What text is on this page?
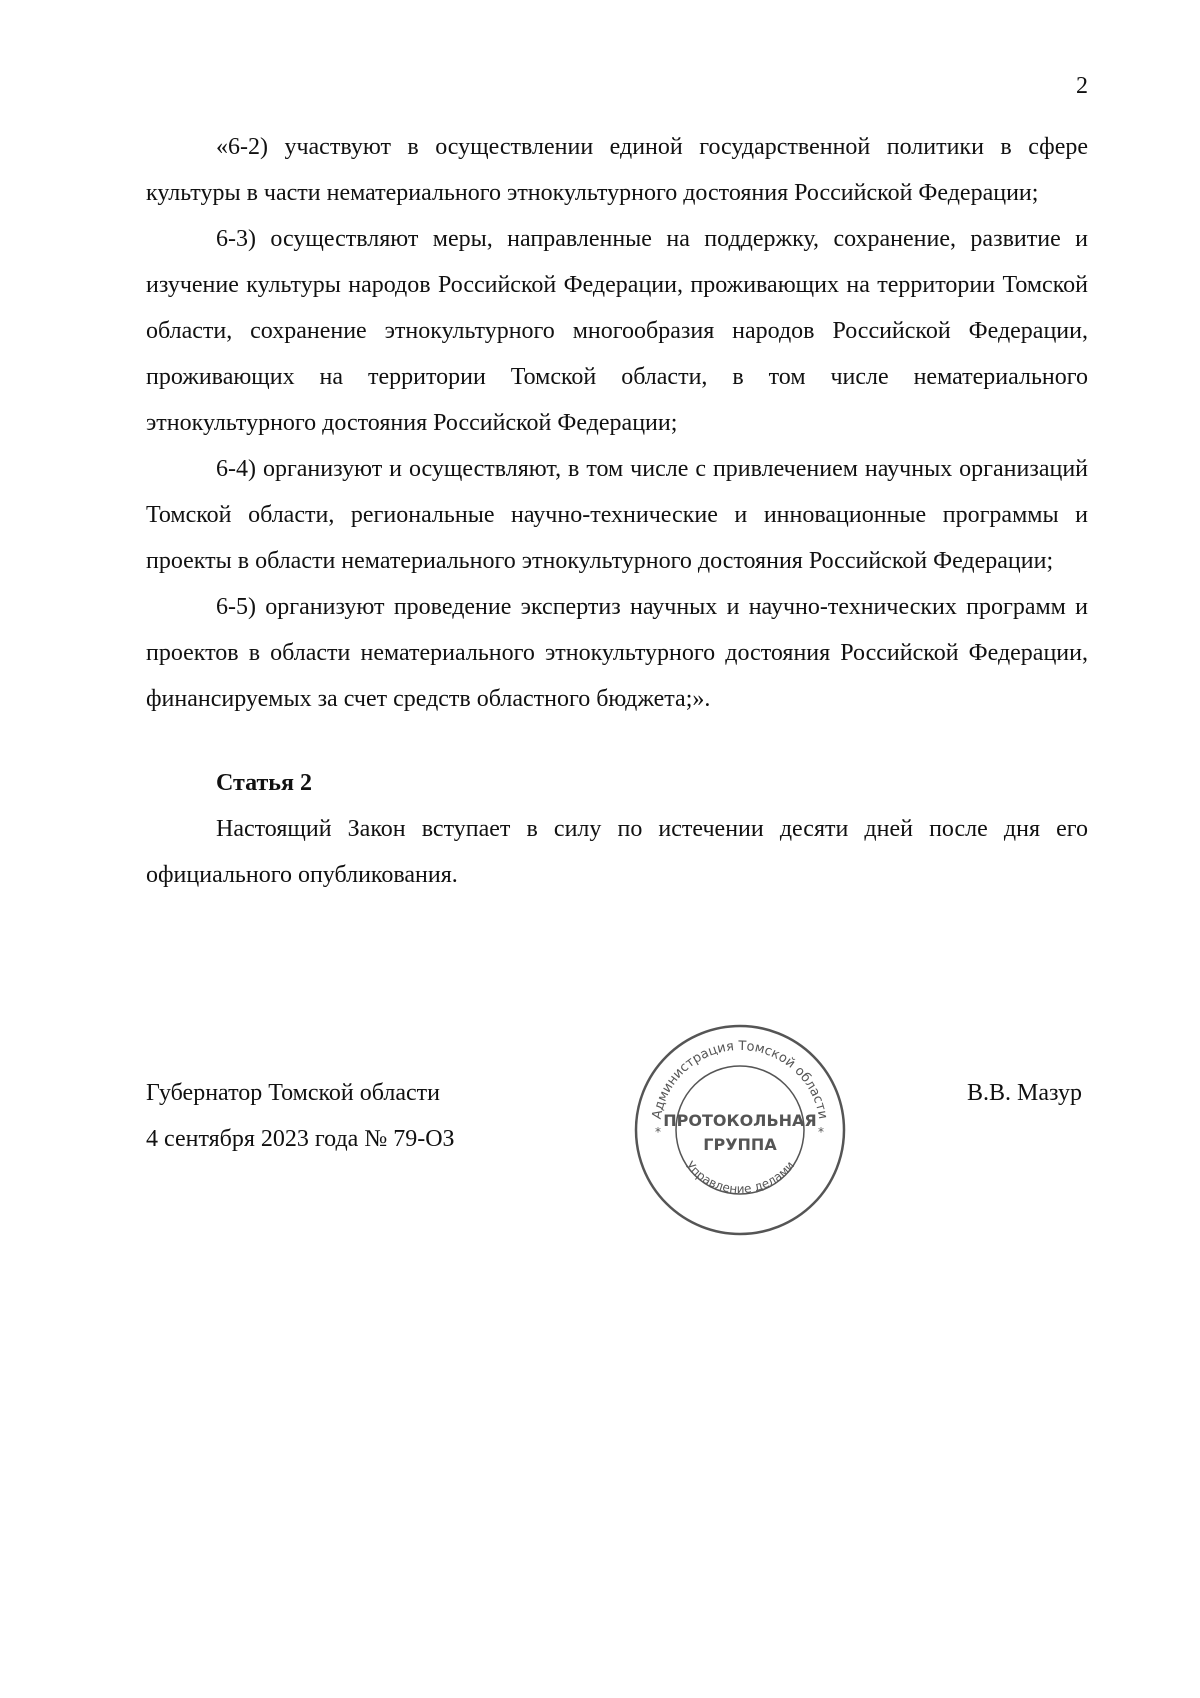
2

«6-2) участвуют в осуществлении единой государственной политики в сфере культуры в части нематериального этнокультурного достояния Российской Федерации;

6-3) осуществляют меры, направленные на поддержку, сохранение, развитие и изучение культуры народов Российской Федерации, проживающих на территории Томской области, сохранение этнокультурного многообразия народов Российской Федерации, проживающих на территории Томской области, в том числе нематериального этнокультурного достояния Российской Федерации;

6-4) организуют и осуществляют, в том числе с привлечением научных организаций Томской области, региональные научно-технические и инновационные программы и проекты в области нематериального этнокультурного достояния Российской Федерации;

6-5) организуют проведение экспертиз научных и научно-технических программ и проектов в области нематериального этнокультурного достояния Российской Федерации, финансируемых за счет средств областного бюджета;».

Статья 2

Настоящий Закон вступает в силу по истечении десяти дней после дня его официального опубликования.

Губернатор Томской области

4 сентября 2023 года № 79-ОЗ

В.В. Мазур

Администрация Томской области
Управление делами
*	*
ПРОТОКОЛЬНАЯ
ГРУППА
